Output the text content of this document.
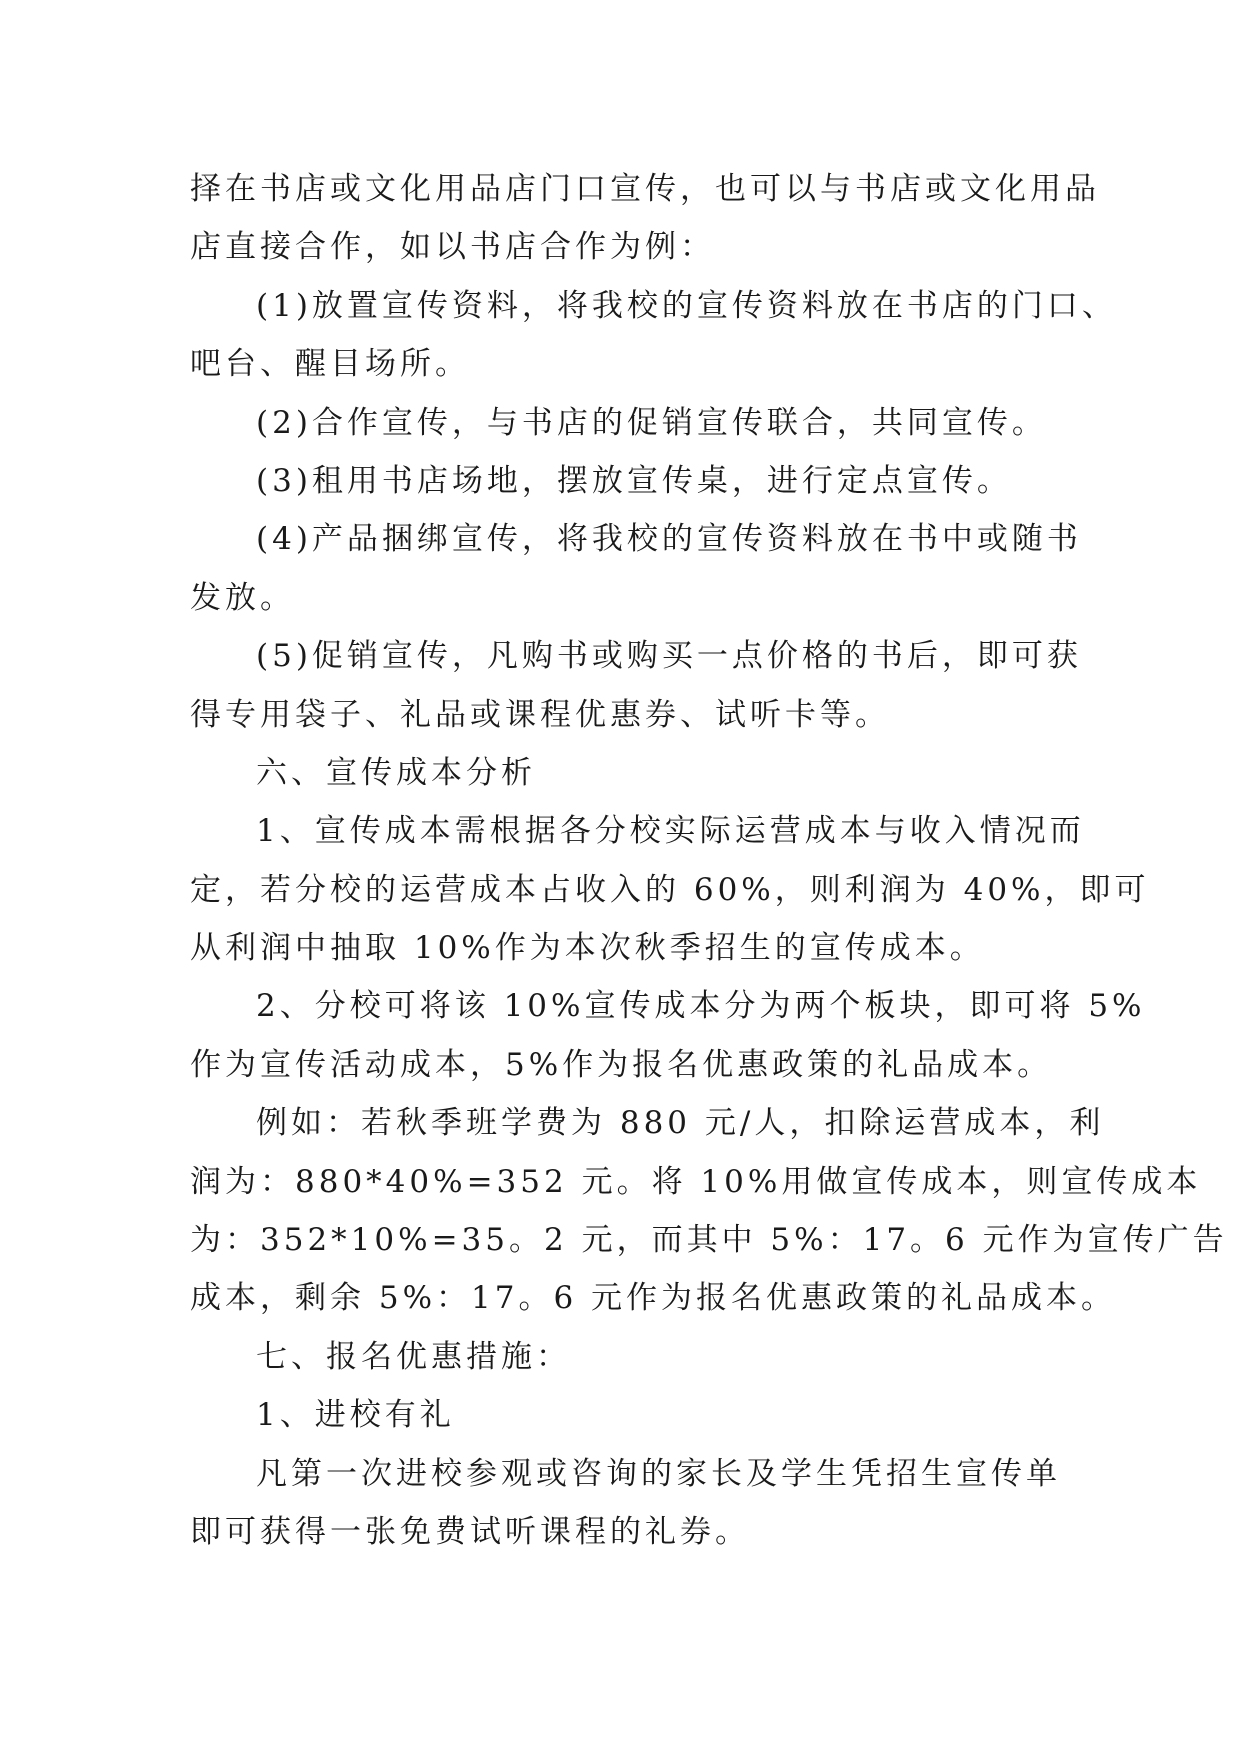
择在书店或文化用品店门口宣传，也可以与书店或文化用品
店直接合作，如以书店合作为例：
(1)放置宣传资料，将我校的宣传资料放在书店的门口、
吧台、醒目场所。
(2)合作宣传，与书店的促销宣传联合，共同宣传。
(3)租用书店场地，摆放宣传桌，进行定点宣传。
(4)产品捆绑宣传，将我校的宣传资料放在书中或随书
发放。
(5)促销宣传，凡购书或购买一点价格的书后，即可获
得专用袋子、礼品或课程优惠券、试听卡等。
六、宣传成本分析
1、宣传成本需根据各分校实际运营成本与收入情况而
定，若分校的运营成本占收入的 60%，则利润为 40%，即可
从利润中抽取 10%作为本次秋季招生的宣传成本。
2、分校可将该 10%宣传成本分为两个板块，即可将 5%
作为宣传活动成本，5%作为报名优惠政策的礼品成本。
例如：若秋季班学费为 880 元/人，扣除运营成本，利
润为：880*40%=352 元。将 10%用做宣传成本，则宣传成本
为：352*10%=35。2 元，而其中 5%：17。6 元作为宣传广告
成本，剩余 5%：17。6 元作为报名优惠政策的礼品成本。
七、报名优惠措施：
1、进校有礼
凡第一次进校参观或咨询的家长及学生凭招生宣传单
即可获得一张免费试听课程的礼券。
